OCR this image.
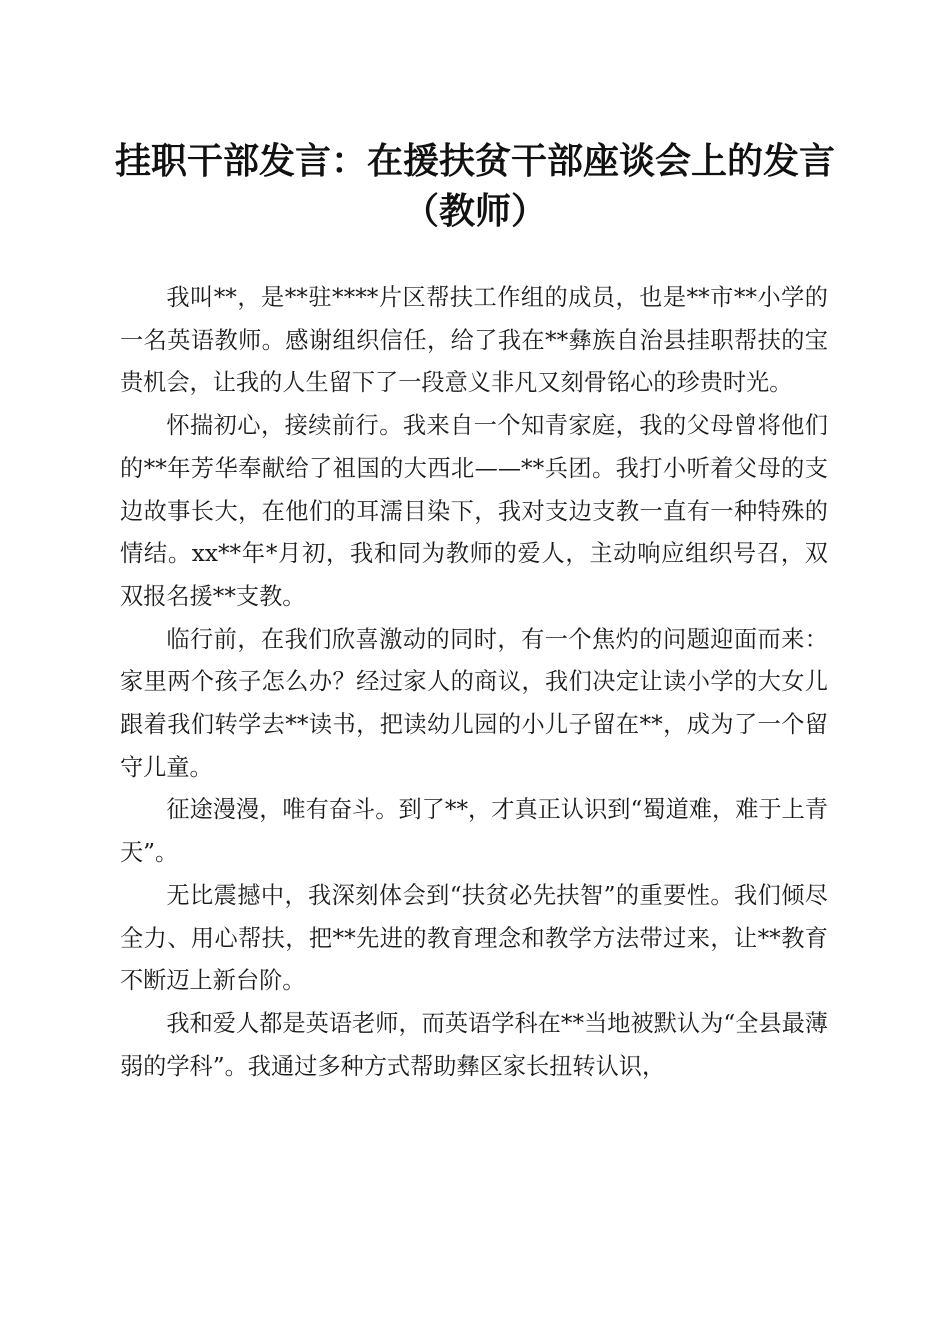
挂职干部发言：在援扶贫干部座谈会上的发言
（教师）

我叫**，是**驻****片区帮扶工作组的成员，也是**市**小学的一名英语教师。感谢组织信任，给了我在**彝族自治县挂职帮扶的宝贵机会，让我的人生留下了一段意义非凡又刻骨铭心的珍贵时光。

怀揣初心，接续前行。我来自一个知青家庭，我的父母曾将他们的**年芳华奉献给了祖国的大西北——**兵团。我打小听着父母的支边故事长大，在他们的耳濡目染下，我对支边支教一直有一种特殊的情结。xx**年*月初，我和同为教师的爱人，主动响应组织号召，双双报名援**支教。

临行前，在我们欣喜激动的同时，有一个焦灼的问题迎面而来：家里两个孩子怎么办？经过家人的商议，我们决定让读小学的大女儿跟着我们转学去**读书，把读幼儿园的小儿子留在**，成为了一个留守儿童。

征途漫漫，唯有奋斗。到了**，才真正认识到“蜀道难，难于上青天”。

无比震撼中，我深刻体会到“扶贫必先扶智”的重要性。我们倾尽全力、用心帮扶，把**先进的教育理念和教学方法带过来，让**教育不断迈上新台阶。

我和爱人都是英语老师，而英语学科在**当地被默认为“全县最薄弱的学科”。我通过多种方式帮助彝区家长扭转认识，
